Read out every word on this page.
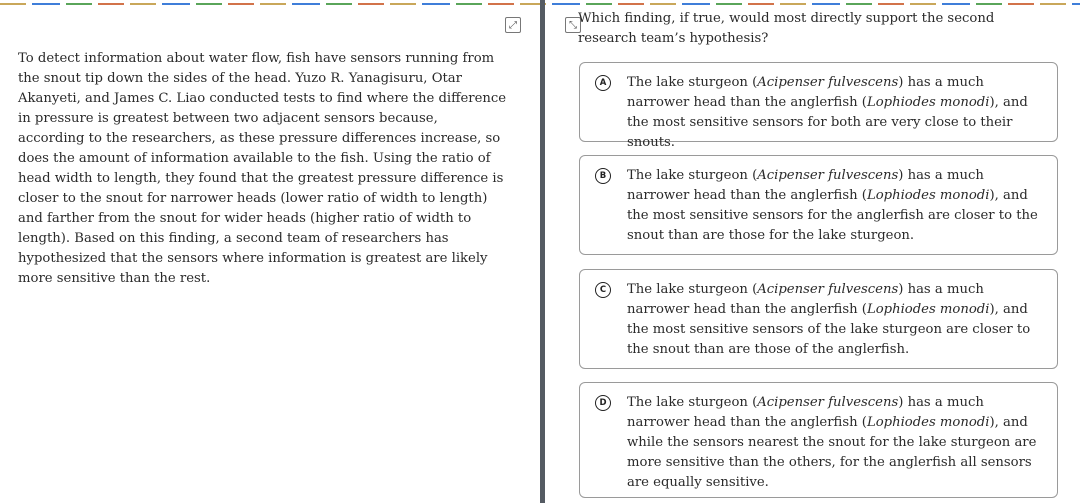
⤢
To detect information about water flow, fish have sensors running from the snout tip down the sides of the head. Yuzo R. Yanagisuru, Otar Akanyeti, and James C. Liao conducted tests to find where the difference in pressure is greatest between two adjacent sensors because, according to the researchers, as these pressure differences increase, so does the amount of information available to the fish. Using the ratio of head width to length, they found that the greatest pressure difference is closer to the snout for narrower heads (lower ratio of width to length) and farther from the snout for wider heads (higher ratio of width to length). Based on this finding, a second team of researchers has hypothesized that the sensors where information is greatest are likely more sensitive than the rest.
⤡ Which finding, if true, would most directly support the second research team’s hypothesis?
A	The lake sturgeon (Acipenser fulvescens) has a much narrower head than the anglerfish (Lophiodes monodi), and the most sensitive sensors for both are very close to their snouts.
B	The lake sturgeon (Acipenser fulvescens) has a much narrower head than the anglerfish (Lophiodes monodi), and the most sensitive sensors for the anglerfish are closer to the snout than are those for the lake sturgeon.
C	The lake sturgeon (Acipenser fulvescens) has a much narrower head than the anglerfish (Lophiodes monodi), and the most sensitive sensors of the lake sturgeon are closer to the snout than are those of the anglerfish.
D	The lake sturgeon (Acipenser fulvescens) has a much narrower head than the anglerfish (Lophiodes monodi), and while the sensors nearest the snout for the lake sturgeon are more sensitive than the others, for the anglerfish all sensors are equally sensitive.
